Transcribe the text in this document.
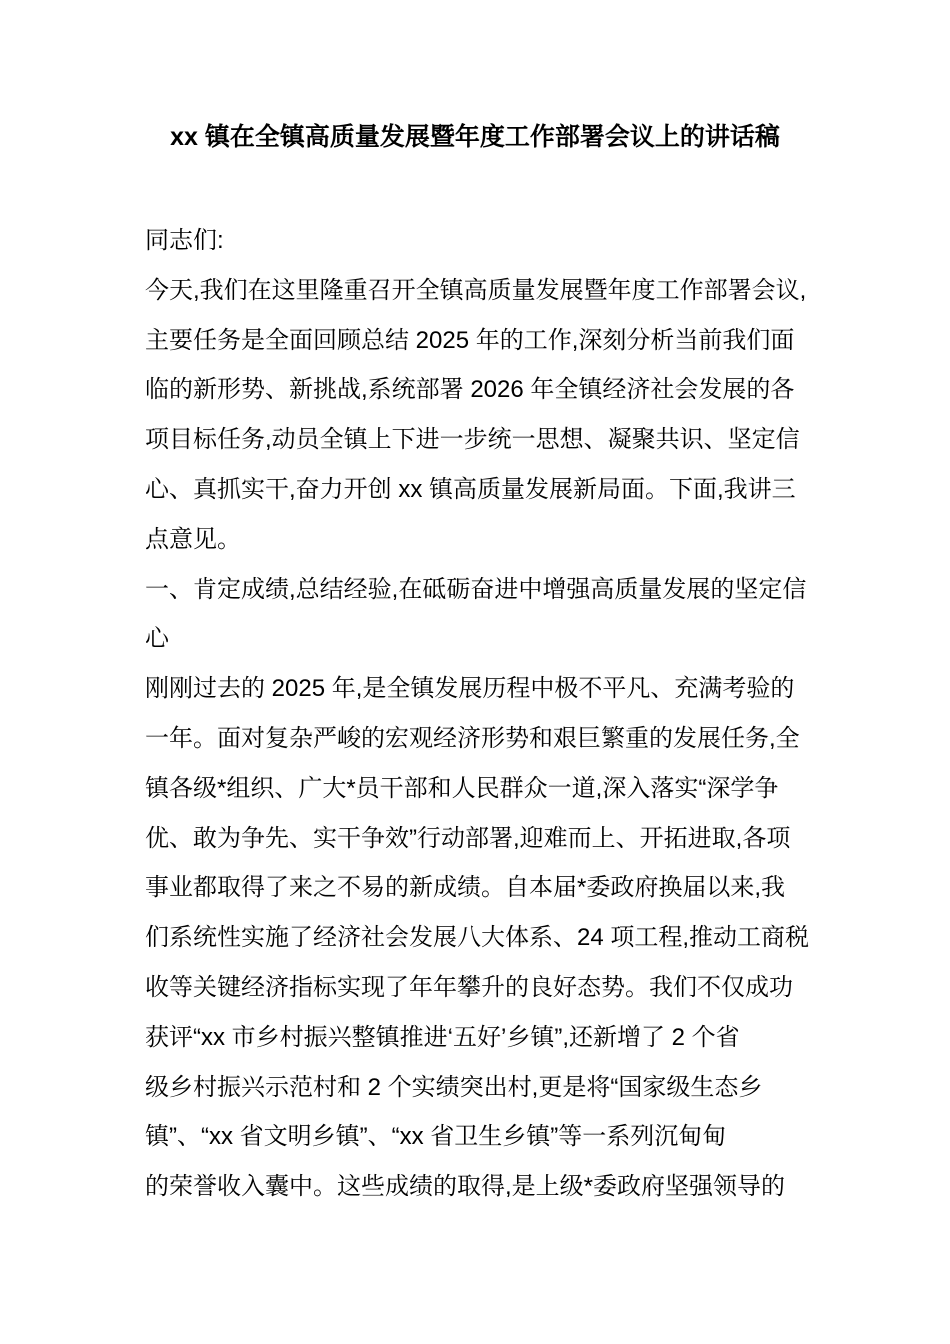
xx 镇在全镇高质量发展暨年度工作部署会议上的讲话稿
同志们:
今天,我们在这里隆重召开全镇高质量发展暨年度工作部署会议,
主要任务是全面回顾总结 2025 年的工作,深刻分析当前我们面
临的新形势、新挑战,系统部署 2026 年全镇经济社会发展的各
项目标任务,动员全镇上下进一步统一思想、凝聚共识、坚定信
心、真抓实干,奋力开创 xx 镇高质量发展新局面。下面,我讲三
点意见。
一、肯定成绩,总结经验,在砥砺奋进中增强高质量发展的坚定信
心
刚刚过去的 2025 年,是全镇发展历程中极不平凡、充满考验的
一年。面对复杂严峻的宏观经济形势和艰巨繁重的发展任务,全
镇各级*组织、广大*员干部和人民群众一道,深入落实“深学争
优、敢为争先、实干争效”行动部署,迎难而上、开拓进取,各项
事业都取得了来之不易的新成绩。自本届*委政府换届以来,我
们系统性实施了经济社会发展八大体系、24 项工程,推动工商税
收等关键经济指标实现了年年攀升的良好态势。我们不仅成功
获评“xx 市乡村振兴整镇推进‘五好’乡镇”,还新增了 2 个省
级乡村振兴示范村和 2 个实绩突出村,更是将“国家级生态乡
镇”、“xx 省文明乡镇”、“xx 省卫生乡镇”等一系列沉甸甸
的荣誉收入囊中。这些成绩的取得,是上级*委政府坚强领导的
